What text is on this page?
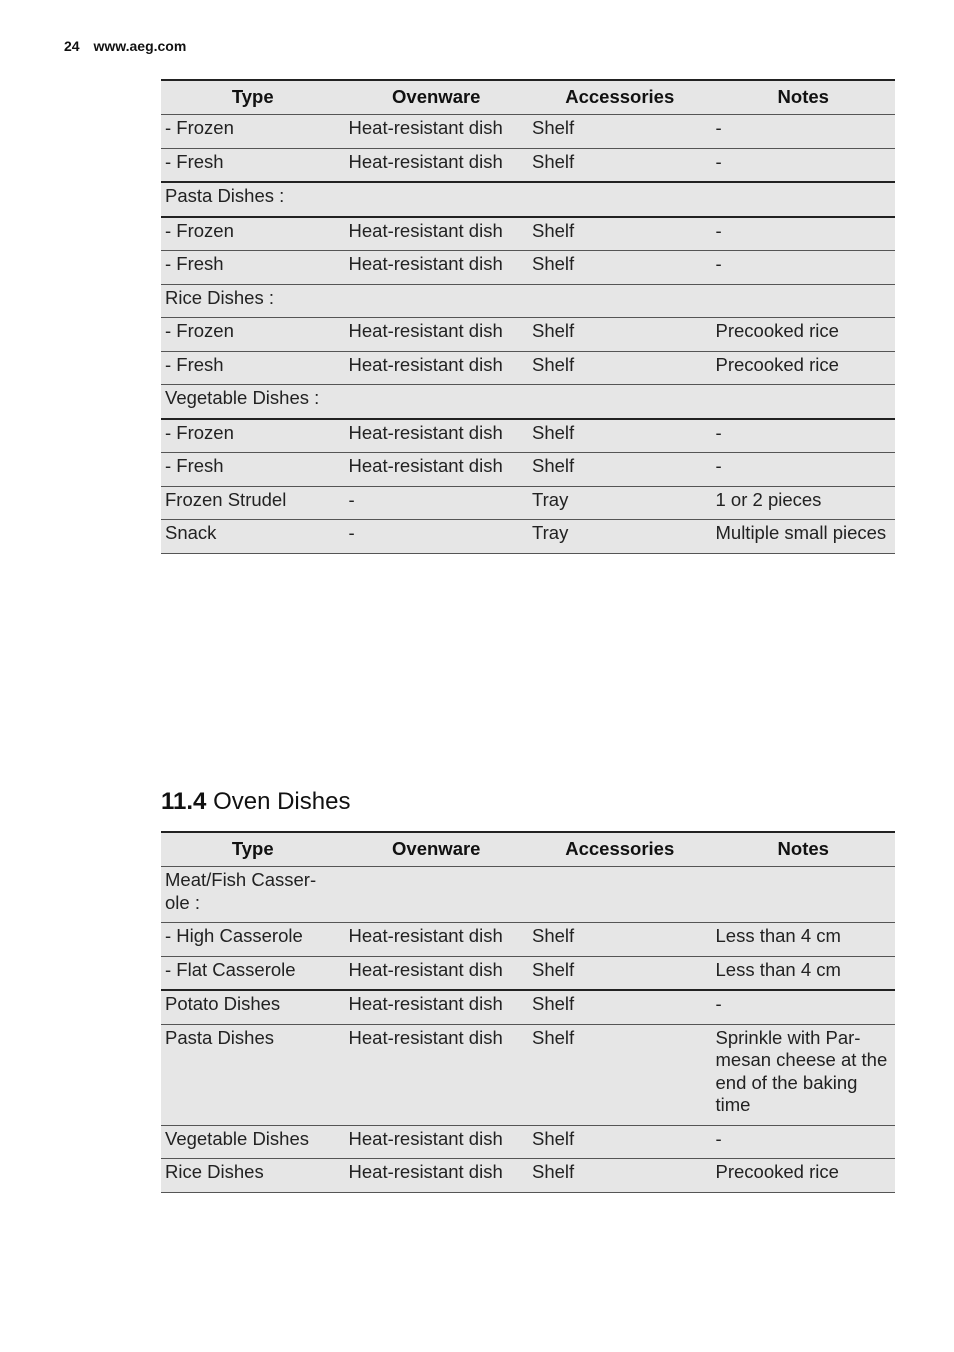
24 www.aeg.com
Type	Ovenware	Accessories	Notes
- Frozen	Heat-resistant dish	Shelf	-
- Fresh	Heat-resistant dish	Shelf	-
Pasta Dishes :			
- Frozen	Heat-resistant dish	Shelf	-
- Fresh	Heat-resistant dish	Shelf	-
Rice Dishes :			
- Frozen	Heat-resistant dish	Shelf	Precooked rice
- Fresh	Heat-resistant dish	Shelf	Precooked rice
Vegetable Dishes :			
- Frozen	Heat-resistant dish	Shelf	-
- Fresh	Heat-resistant dish	Shelf	-
Frozen Strudel	-	Tray	1 or 2 pieces
Snack	-	Tray	Multiple small pieces
11.4 Oven Dishes
Type	Ovenware	Accessories	Notes
Meat/Fish Casser-ole :			
- High Casserole	Heat-resistant dish	Shelf	Less than 4 cm
- Flat Casserole	Heat-resistant dish	Shelf	Less than 4 cm
Potato Dishes	Heat-resistant dish	Shelf	-
Pasta Dishes	Heat-resistant dish	Shelf	Sprinkle with Par-mesan cheese at the end of the baking time
Vegetable Dishes	Heat-resistant dish	Shelf	-
Rice Dishes	Heat-resistant dish	Shelf	Precooked rice
